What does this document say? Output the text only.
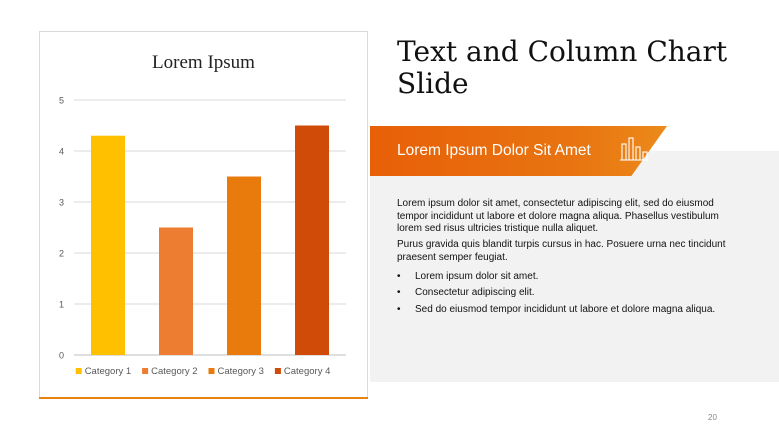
Lorem Ipsum
0
1
2
3
4
5
Category 1 Category 2 Category 3 Category 4
Text and Column Chart Slide
Lorem Ipsum Dolor Sit Amet

Lorem ipsum dolor sit amet, consectetur adipiscing elit, sed do eiusmod tempor incididunt ut labore et dolore magna aliqua. Phasellus vestibulum lorem sed risus ultricies tristique nulla aliquet.

Purus gravida quis blandit turpis cursus in hac. Posuere urna nec tincidunt praesent semper feugiat.

• Lorem ipsum dolor sit amet.
• Consectetur adipiscing elit.
• Sed do eiusmod tempor incididunt ut labore et dolore magna aliqua.
20
